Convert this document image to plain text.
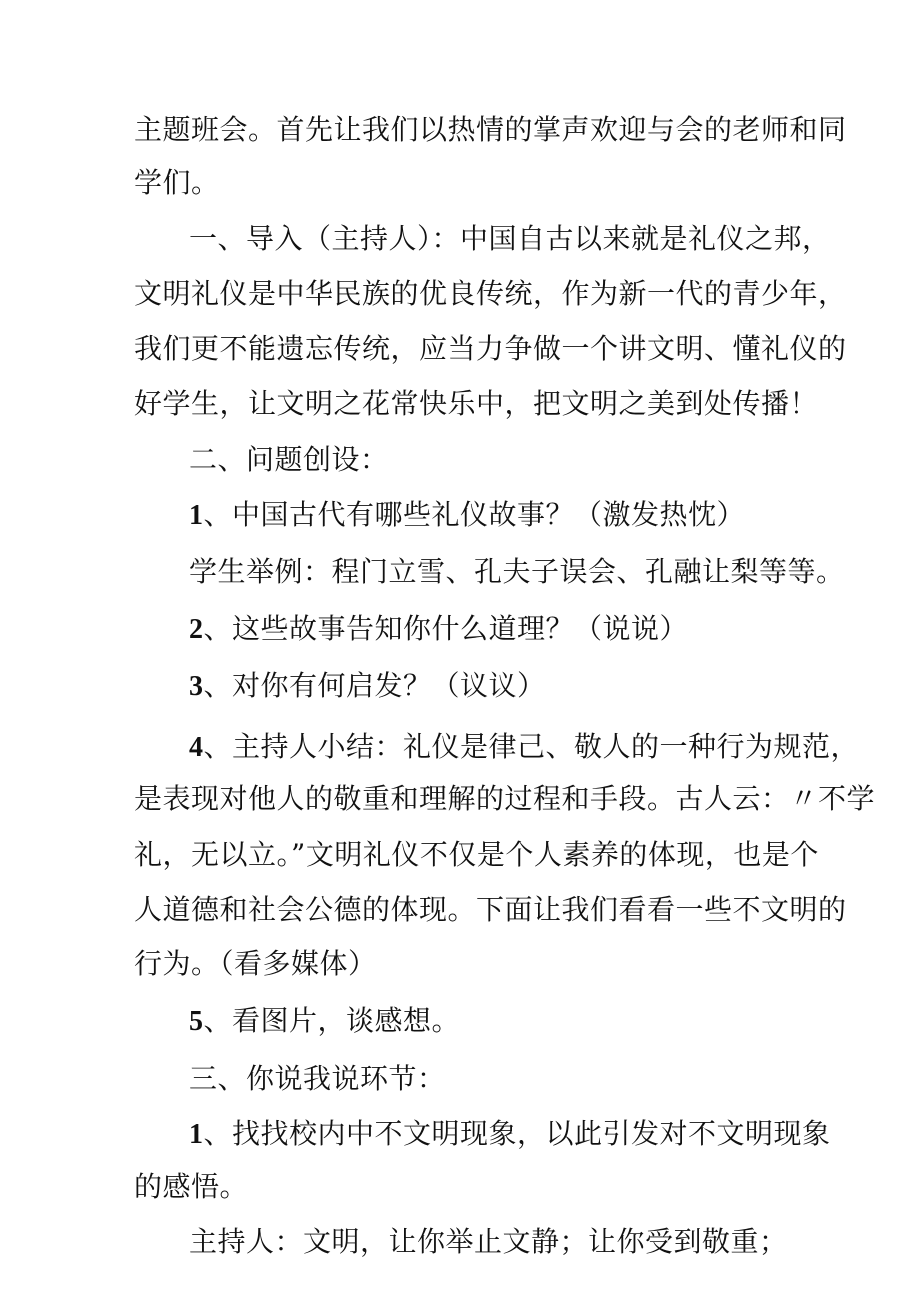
主题班会。首先让我们以热情的掌声欢迎与会的老师和同
学们。
一、导入（主持人）：中国自古以来就是礼仪之邦，
文明礼仪是中华民族的优良传统，作为新一代的青少年，
我们更不能遗忘传统，应当力争做一个讲文明、懂礼仪的
好学生，让文明之花常快乐中，把文明之美到处传播！
二、问题创设：
1、中国古代有哪些礼仪故事？（激发热忱）
学生举例：程门立雪、孔夫子误会、孔融让梨等等。
2、这些故事告知你什么道理？（说说）
3、对你有何启发？（议议）
4、主持人小结：礼仪是律己、敬人的一种行为规范，
是表现对他人的敬重和理解的过程和手段。古人云：〃不学
礼，无以立。”文明礼仪不仅是个人素养的体现，也是个
人道德和社会公德的体现。下面让我们看看一些不文明的
行为。（看多媒体）
5、看图片，谈感想。
三、你说我说环节：
1、找找校内中不文明现象，以此引发对不文明现象
的感悟。
主持人：文明，让你举止文静；让你受到敬重；
